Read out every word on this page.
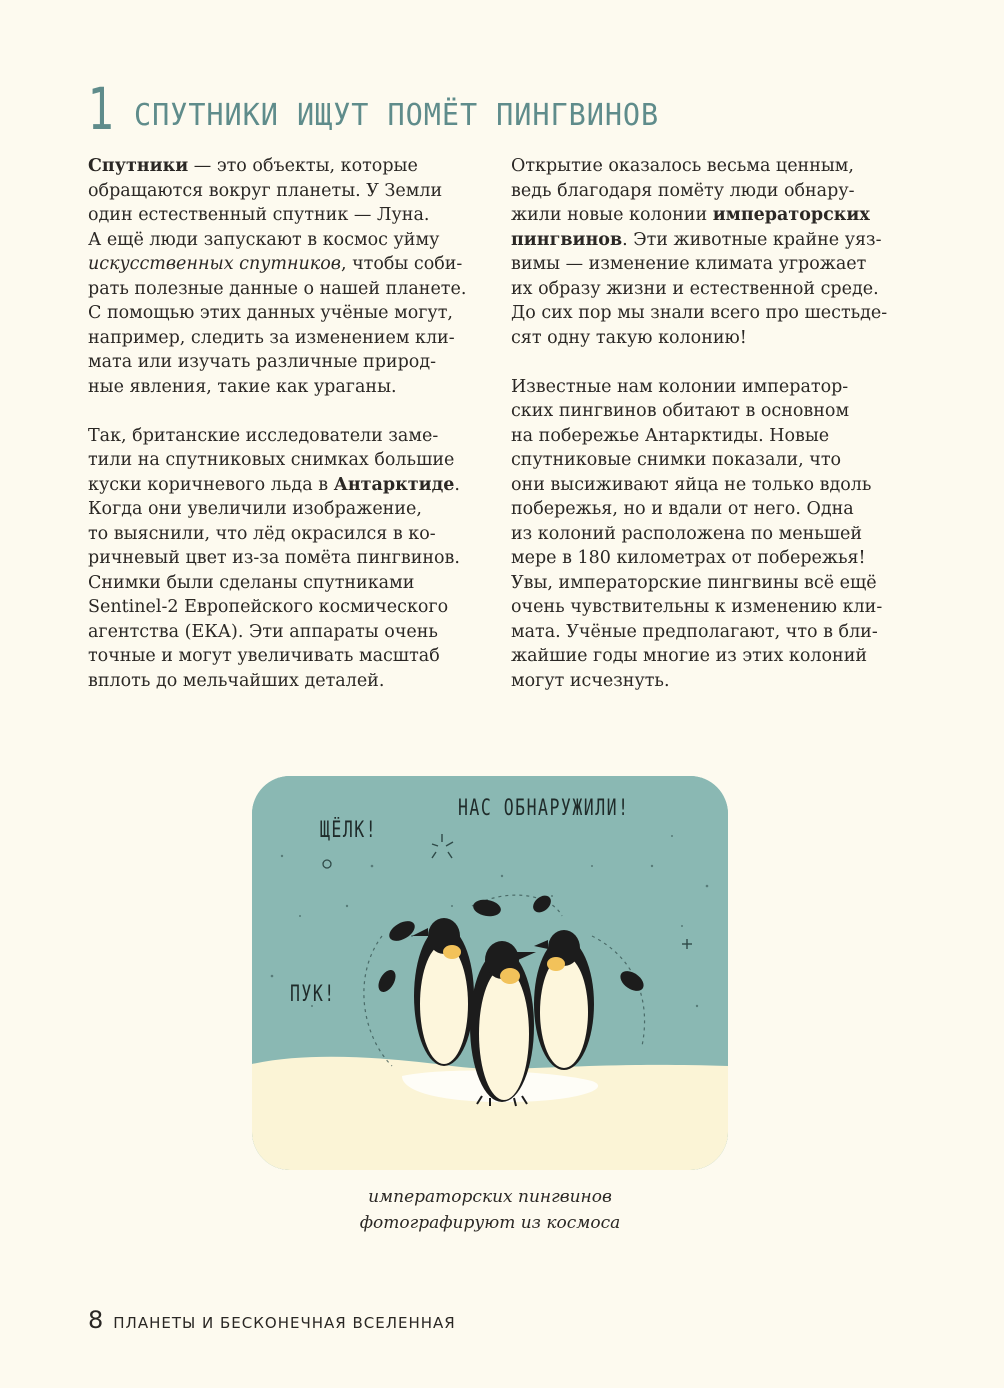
1 СПУТНИКИ ИЩУТ ПОМЁТ ПИНГВИНОВ

Спутники — это объекты, которые
обращаются вокруг планеты. У Земли
один естественный спутник — Луна.
А ещё люди запускают в космос уйму
искусственных спутников, чтобы соби-
рать полезные данные о нашей планете.
С помощью этих данных учёные могут,
например, следить за изменением кли-
мата или изучать различные природ-
ные явления, такие как ураганы.

Так, британские исследователи заме-
тили на спутниковых снимках большие
куски коричневого льда в Антарктиде.
Когда они увеличили изображение,
то выяснили, что лёд окрасился в ко-
ричневый цвет из-за помёта пингвинов.
Снимки были сделаны спутниками
Sentinel-2 Европейского космического
агентства (ЕКА). Эти аппараты очень
точные и могут увеличивать масштаб
вплоть до мельчайших деталей.

Открытие оказалось весьма ценным,
ведь благодаря помёту люди обнару-
жили новые колонии императорских
пингвинов. Эти животные крайне уяз-
вимы — изменение климата угрожает
их образу жизни и естественной среде.
До сих пор мы знали всего про шестьде-
сят одну такую колонию!

Известные нам колонии император-
ских пингвинов обитают в основном
на побережье Антарктиды. Новые
спутниковые снимки показали, что
они высиживают яйца не только вдоль
побережья, но и вдали от него. Одна
из колоний расположена по меньшей
мере в 180 километрах от побережья!
Увы, императорские пингвины всё ещё
очень чувствительны к изменению кли-
мата. Учёные предполагают, что в бли-
жайшие годы многие из этих колоний
могут исчезнуть.

ЩЁЛК!
НАС ОБНАРУЖИЛИ!
ПУК!
императорских пингвинов
фотографируют из космоса
8 ПЛАНЕТЫ И БЕСКОНЕЧНАЯ ВСЕЛЕННАЯ
